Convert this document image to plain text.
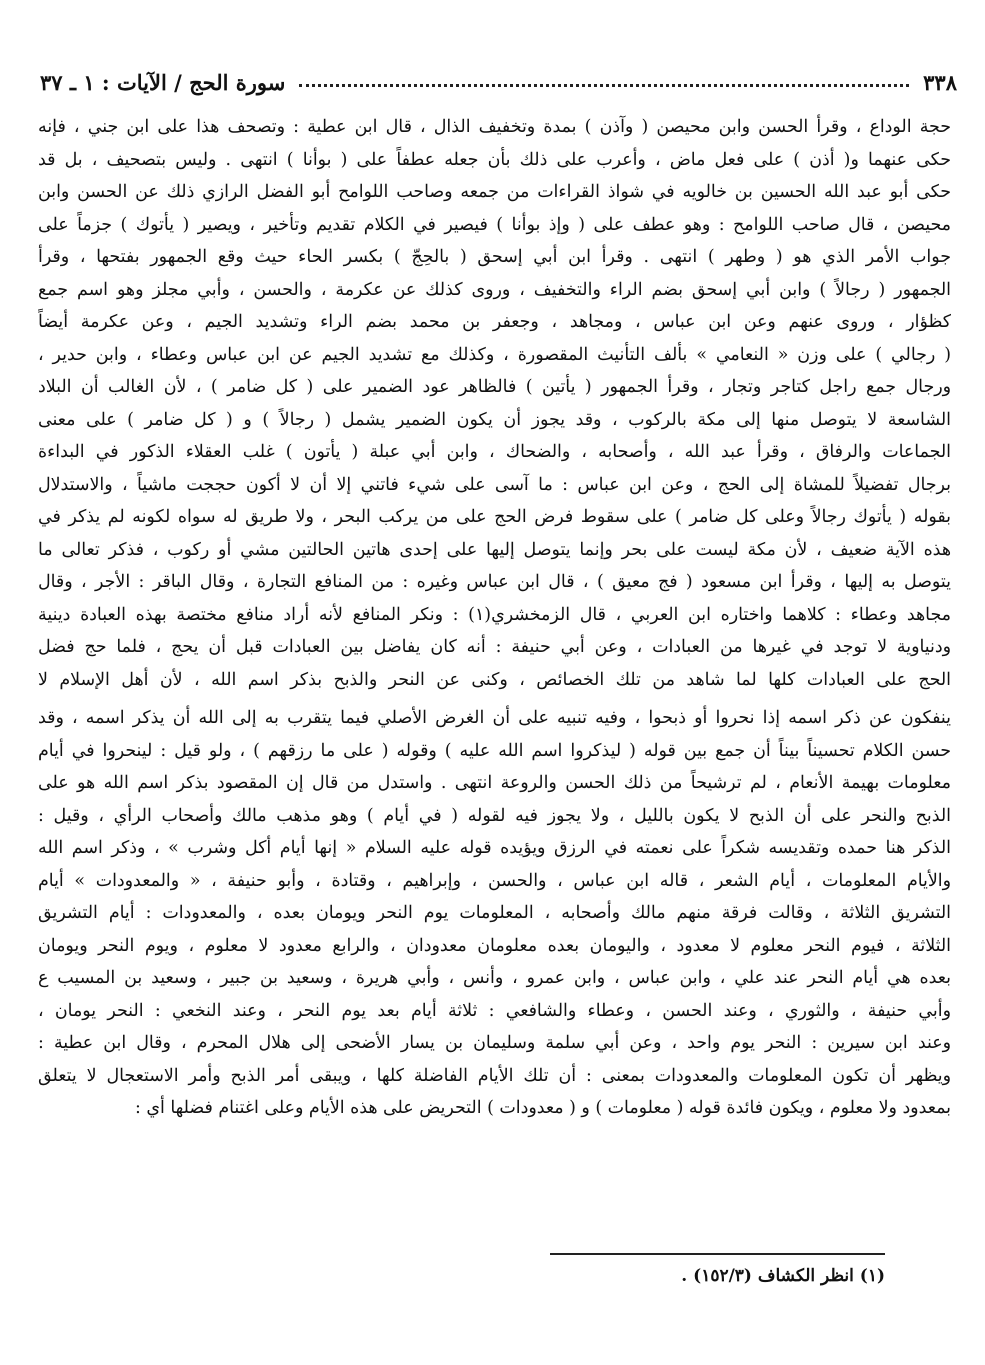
٣٣٨
سورة الحج / الآيات : ١ ـ ٣٧
حجة الوداع ، وقرأ الحسن وابن محيصن ( وآذن ) بمدة وتخفيف الذال ، قال ابن عطية : وتصحف هذا على ابن جني ، فإنه
حكى عنهما و( أذن ) على فعل ماض ، وأعرب على ذلك بأن جعله عطفاً على ( بوأنا ) انتهى . وليس بتصحيف ، بل قد
حكى أبو عبد الله الحسين بن خالويه في شواذ القراءات من جمعه وصاحب اللوامح أبو الفضل الرازي ذلك عن الحسن وابن
محيصن ، قال صاحب اللوامح : وهو عطف على ( وإذ بوأنا ) فيصير في الكلام تقديم وتأخير ، ويصير ( يأتوك ) جزماً على
جواب الأمر الذي هو ( وطهر ) انتهى . وقرأ ابن أبي إسحق ( بالحِجّ ) بكسر الحاء حيث وقع الجمهور بفتحها ، وقرأ
الجمهور ( رجالاً ) وابن أبي إسحق بضم الراء والتخفيف ، وروى كذلك عن عكرمة ، والحسن ، وأبي مجلز وهو اسم جمع
كظؤار ، وروى عنهم وعن ابن عباس ، ومجاهد ، وجعفر بن محمد بضم الراء وتشديد الجيم ، وعن عكرمة أيضاً
( رجالي ) على وزن « النعامي » بألف التأنيث المقصورة ، وكذلك مع تشديد الجيم عن ابن عباس وعطاء ، وابن حدير ،
ورجال جمع راجل كتاجر وتجار ، وقرأ الجمهور ( يأتين ) فالظاهر عود الضمير على ( كل ضامر ) ، لأن الغالب أن البلاد
الشاسعة لا يتوصل منها إلى مكة بالركوب ، وقد يجوز أن يكون الضمير يشمل ( رجالاً ) و ( كل ضامر ) على معنى
الجماعات والرفاق ، وقرأ عبد الله ، وأصحابه ، والضحاك ، وابن أبي عبلة ( يأتون ) غلب العقلاء الذكور في البداءة
برجال تفضيلاً للمشاة إلى الحج ، وعن ابن عباس : ما آسى على شيء فاتني إلا أن لا أكون حججت ماشياً ، والاستدلال
بقوله ( يأتوك رجالاً وعلى كل ضامر ) على سقوط فرض الحج على من يركب البحر ، ولا طريق له سواه لكونه لم يذكر في
هذه الآية ضعيف ، لأن مكة ليست على بحر وإنما يتوصل إليها على إحدى هاتين الحالتين مشي أو ركوب ، فذكر تعالى ما
يتوصل به إليها ، وقرأ ابن مسعود ( فج معيق ) ، قال ابن عباس وغيره : من المنافع التجارة ، وقال الباقر : الأجر ، وقال
مجاهد وعطاء : كلاهما واختاره ابن العربي ، قال الزمخشري(١) : ونكر المنافع لأنه أراد منافع مختصة بهذه العبادة دينية
ودنياوية لا توجد في غيرها من العبادات ، وعن أبي حنيفة : أنه كان يفاضل بين العبادات قبل أن يحج ، فلما حج فضل
الحج على العبادات كلها لما شاهد من تلك الخصائص ، وكنى عن النحر والذبح بذكر اسم الله ، لأن أهل الإسلام لا
ينفكون عن ذكر اسمه إذا نحروا أو ذبحوا ، وفيه تنبيه على أن الغرض الأصلي فيما يتقرب به إلى الله أن يذكر اسمه ، وقد
حسن الكلام تحسيناً بيناً أن جمع بين قوله ( ليذكروا اسم الله عليه ) وقوله ( على ما رزقهم ) ، ولو قيل : لينحروا في أيام
معلومات بهيمة الأنعام ، لم ترشيحاً من ذلك الحسن والروعة انتهى . واستدل من قال إن المقصود بذكر اسم الله هو على
الذبح والنحر على أن الذبح لا يكون بالليل ، ولا يجوز فيه لقوله ( في أيام ) وهو مذهب مالك وأصحاب الرأي ، وقيل :
الذكر هنا حمده وتقديسه شكراً على نعمته في الرزق ويؤيده قوله عليه السلام « إنها أيام أكل وشرب » ، وذكر اسم الله
والأيام المعلومات ، أيام الشعر ، قاله ابن عباس ، والحسن ، وإبراهيم ، وقتادة ، وأبو حنيفة ، « والمعدودات » أيام
التشريق الثلاثة ، وقالت فرقة منهم مالك وأصحابه ، المعلومات يوم النحر ويومان بعده ، والمعدودات : أيام التشريق
الثلاثة ، فيوم النحر معلوم لا معدود ، واليومان بعده معلومان معدودان ، والرابع معدود لا معلوم ، ويوم النحر ويومان
بعده هي أيام النحر عند علي ، وابن عباس ، وابن عمرو ، وأنس ، وأبي هريرة ، وسعيد بن جبير ، وسعيد بن المسيب ع
وأبي حنيفة ، والثوري ، وعند الحسن ، وعطاء والشافعي : ثلاثة أيام بعد يوم النحر ، وعند النخعي : النحر يومان ،
وعند ابن سيرين : النحر يوم واحد ، وعن أبي سلمة وسليمان بن يسار الأضحى إلى هلال المحرم ، وقال ابن عطية :
ويظهر أن تكون المعلومات والمعدودات بمعنى : أن تلك الأيام الفاضلة كلها ، ويبقى أمر الذبح وأمر الاستعجال لا يتعلق
بمعدود ولا معلوم ، ويكون فائدة قوله ( معلومات ) و ( معدودات ) التحريض على هذه الأيام وعلى اغتنام فضلها أي :
(١) انظر الكشاف (١٥٢/٣) .
